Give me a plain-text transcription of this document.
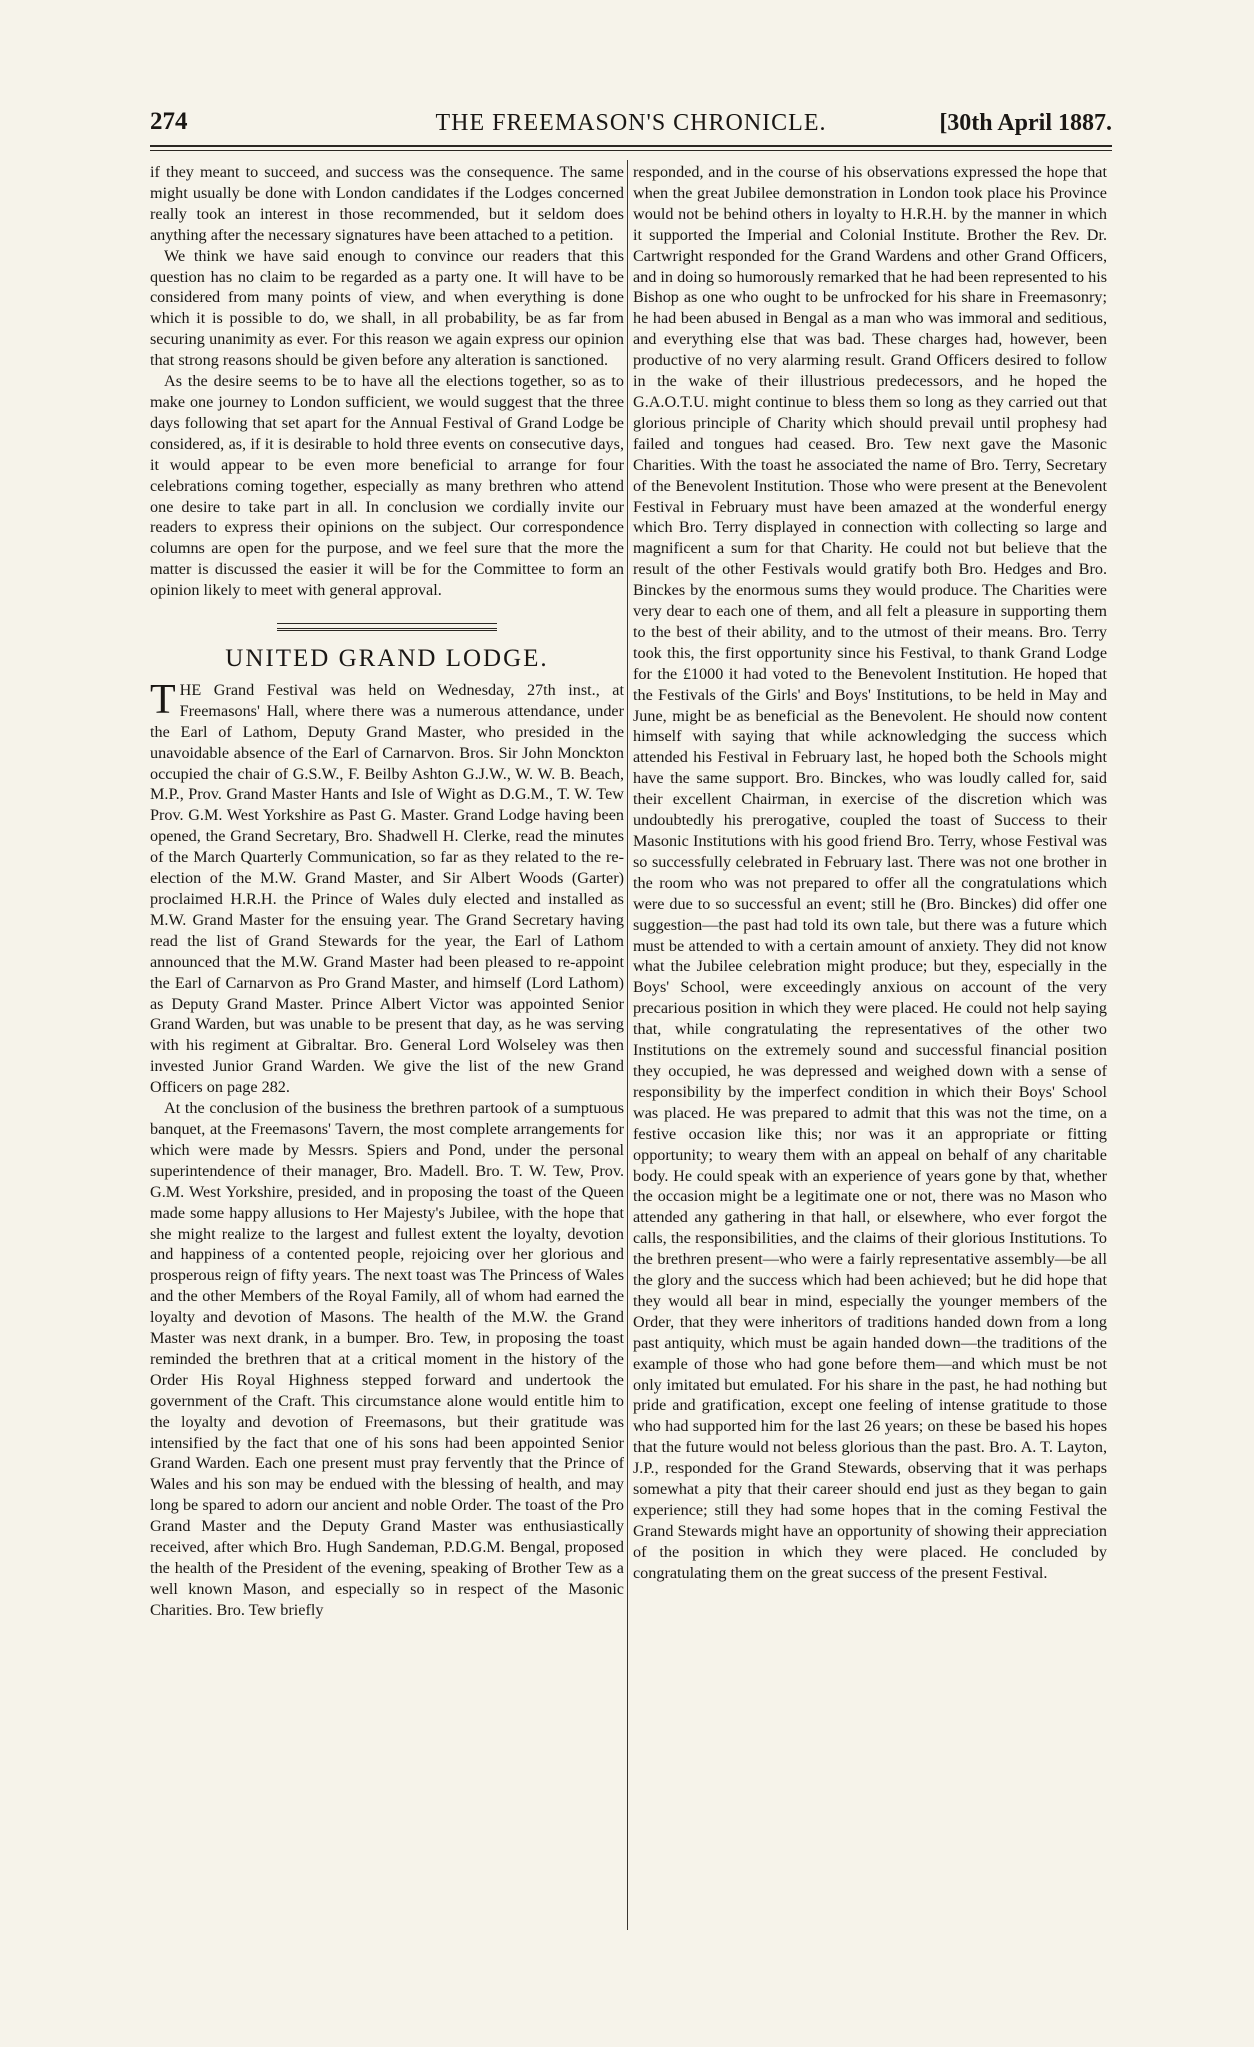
274	THE FREEMASON'S CHRONICLE.	[30th April 1887.

if they meant to succeed, and success was the consequence. The same might usually be done with London candidates if the Lodges concerned really took an interest in those recommended, but it seldom does anything after the necessary signatures have been attached to a petition.

We think we have said enough to convince our readers that this question has no claim to be regarded as a party one. It will have to be considered from many points of view, and when everything is done which it is possible to do, we shall, in all probability, be as far from securing unanimity as ever. For this reason we again express our opinion that strong reasons should be given before any alteration is sanctioned.

As the desire seems to be to have all the elections together, so as to make one journey to London sufficient, we would suggest that the three days following that set apart for the Annual Festival of Grand Lodge be considered, as, if it is desirable to hold three events on consecutive days, it would appear to be even more beneficial to arrange for four celebrations coming together, especially as many brethren who attend one desire to take part in all. In conclusion we cordially invite our readers to express their opinions on the subject. Our correspondence columns are open for the purpose, and we feel sure that the more the matter is discussed the easier it will be for the Committee to form an opinion likely to meet with general approval.

UNITED GRAND LODGE.

THE Grand Festival was held on Wednesday, 27th inst., at Freemasons' Hall, where there was a numerous attendance, under the Earl of Lathom, Deputy Grand Master, who presided in the unavoidable absence of the Earl of Carnarvon. Bros. Sir John Monckton occupied the chair of G.S.W., F. Beilby Ashton G.J.W., W. W. B. Beach, M.P., Prov. Grand Master Hants and Isle of Wight as D.G.M., T. W. Tew Prov. G.M. West Yorkshire as Past G. Master. Grand Lodge having been opened, the Grand Secretary, Bro. Shadwell H. Clerke, read the minutes of the March Quarterly Communication, so far as they related to the re-election of the M.W. Grand Master, and Sir Albert Woods (Garter) proclaimed H.R.H. the Prince of Wales duly elected and installed as M.W. Grand Master for the ensuing year. The Grand Secretary having read the list of Grand Stewards for the year, the Earl of Lathom announced that the M.W. Grand Master had been pleased to re-appoint the Earl of Carnarvon as Pro Grand Master, and himself (Lord Lathom) as Deputy Grand Master. Prince Albert Victor was appointed Senior Grand Warden, but was unable to be present that day, as he was serving with his regiment at Gibraltar. Bro. General Lord Wolseley was then invested Junior Grand Warden. We give the list of the new Grand Officers on page 282.

At the conclusion of the business the brethren partook of a sumptuous banquet, at the Freemasons' Tavern, the most complete arrangements for which were made by Messrs. Spiers and Pond, under the personal superintendence of their manager, Bro. Madell. Bro. T. W. Tew, Prov. G.M. West Yorkshire, presided, and in proposing the toast of the Queen made some happy allusions to Her Majesty's Jubilee, with the hope that she might realize to the largest and fullest extent the loyalty, devotion and happiness of a contented people, rejoicing over her glorious and prosperous reign of fifty years. The next toast was The Princess of Wales and the other Members of the Royal Family, all of whom had earned the loyalty and devotion of Masons. The health of the M.W. the Grand Master was next drank, in a bumper. Bro. Tew, in proposing the toast reminded the brethren that at a critical moment in the history of the Order His Royal Highness stepped forward and undertook the government of the Craft. This circumstance alone would entitle him to the loyalty and devotion of Freemasons, but their gratitude was intensified by the fact that one of his sons had been appointed Senior Grand Warden. Each one present must pray fervently that the Prince of Wales and his son may be endued with the blessing of health, and may long be spared to adorn our ancient and noble Order. The toast of the Pro Grand Master and the Deputy Grand Master was enthusiastically received, after which Bro. Hugh Sandeman, P.D.G.M. Bengal, proposed the health of the President of the evening, speaking of Brother Tew as a well known Mason, and especially so in respect of the Masonic Charities. Bro. Tew briefly

responded, and in the course of his observations expressed the hope that when the great Jubilee demonstration in London took place his Province would not be behind others in loyalty to H.R.H. by the manner in which it supported the Imperial and Colonial Institute. Brother the Rev. Dr. Cartwright responded for the Grand Wardens and other Grand Officers, and in doing so humorously remarked that he had been represented to his Bishop as one who ought to be unfrocked for his share in Freemasonry; he had been abused in Bengal as a man who was immoral and seditious, and everything else that was bad. These charges had, however, been productive of no very alarming result. Grand Officers desired to follow in the wake of their illustrious predecessors, and he hoped the G.A.O.T.U. might continue to bless them so long as they carried out that glorious principle of Charity which should prevail until prophesy had failed and tongues had ceased. Bro. Tew next gave the Masonic Charities. With the toast he associated the name of Bro. Terry, Secretary of the Benevolent Institution. Those who were present at the Benevolent Festival in February must have been amazed at the wonderful energy which Bro. Terry displayed in connection with collecting so large and magnificent a sum for that Charity. He could not but believe that the result of the other Festivals would gratify both Bro. Hedges and Bro. Binckes by the enormous sums they would produce. The Charities were very dear to each one of them, and all felt a pleasure in supporting them to the best of their ability, and to the utmost of their means. Bro. Terry took this, the first opportunity since his Festival, to thank Grand Lodge for the £1000 it had voted to the Benevolent Institution. He hoped that the Festivals of the Girls' and Boys' Institutions, to be held in May and June, might be as beneficial as the Benevolent. He should now content himself with saying that while acknowledging the success which attended his Festival in February last, he hoped both the Schools might have the same support. Bro. Binckes, who was loudly called for, said their excellent Chairman, in exercise of the discretion which was undoubtedly his prerogative, coupled the toast of Success to their Masonic Institutions with his good friend Bro. Terry, whose Festival was so successfully celebrated in February last. There was not one brother in the room who was not prepared to offer all the congratulations which were due to so successful an event; still he (Bro. Binckes) did offer one suggestion—the past had told its own tale, but there was a future which must be attended to with a certain amount of anxiety. They did not know what the Jubilee celebration might produce; but they, especially in the Boys' School, were exceedingly anxious on account of the very precarious position in which they were placed. He could not help saying that, while congratulating the representatives of the other two Institutions on the extremely sound and successful financial position they occupied, he was depressed and weighed down with a sense of responsibility by the imperfect condition in which their Boys' School was placed. He was prepared to admit that this was not the time, on a festive occasion like this; nor was it an appropriate or fitting opportunity; to weary them with an appeal on behalf of any charitable body. He could speak with an experience of years gone by that, whether the occasion might be a legitimate one or not, there was no Mason who attended any gathering in that hall, or elsewhere, who ever forgot the calls, the responsibilities, and the claims of their glorious Institutions. To the brethren present—who were a fairly representative assembly—be all the glory and the success which had been achieved; but he did hope that they would all bear in mind, especially the younger members of the Order, that they were inheritors of traditions handed down from a long past antiquity, which must be again handed down—the traditions of the example of those who had gone before them—and which must be not only imitated but emulated. For his share in the past, he had nothing but pride and gratification, except one feeling of intense gratitude to those who had supported him for the last 26 years; on these be based his hopes that the future would not beless glorious than the past. Bro. A. T. Layton, J.P., responded for the Grand Stewards, observing that it was perhaps somewhat a pity that their career should end just as they began to gain experience; still they had some hopes that in the coming Festival the Grand Stewards might have an opportunity of showing their appreciation of the position in which they were placed. He concluded by congratulating them on the great success of the present Festival.
